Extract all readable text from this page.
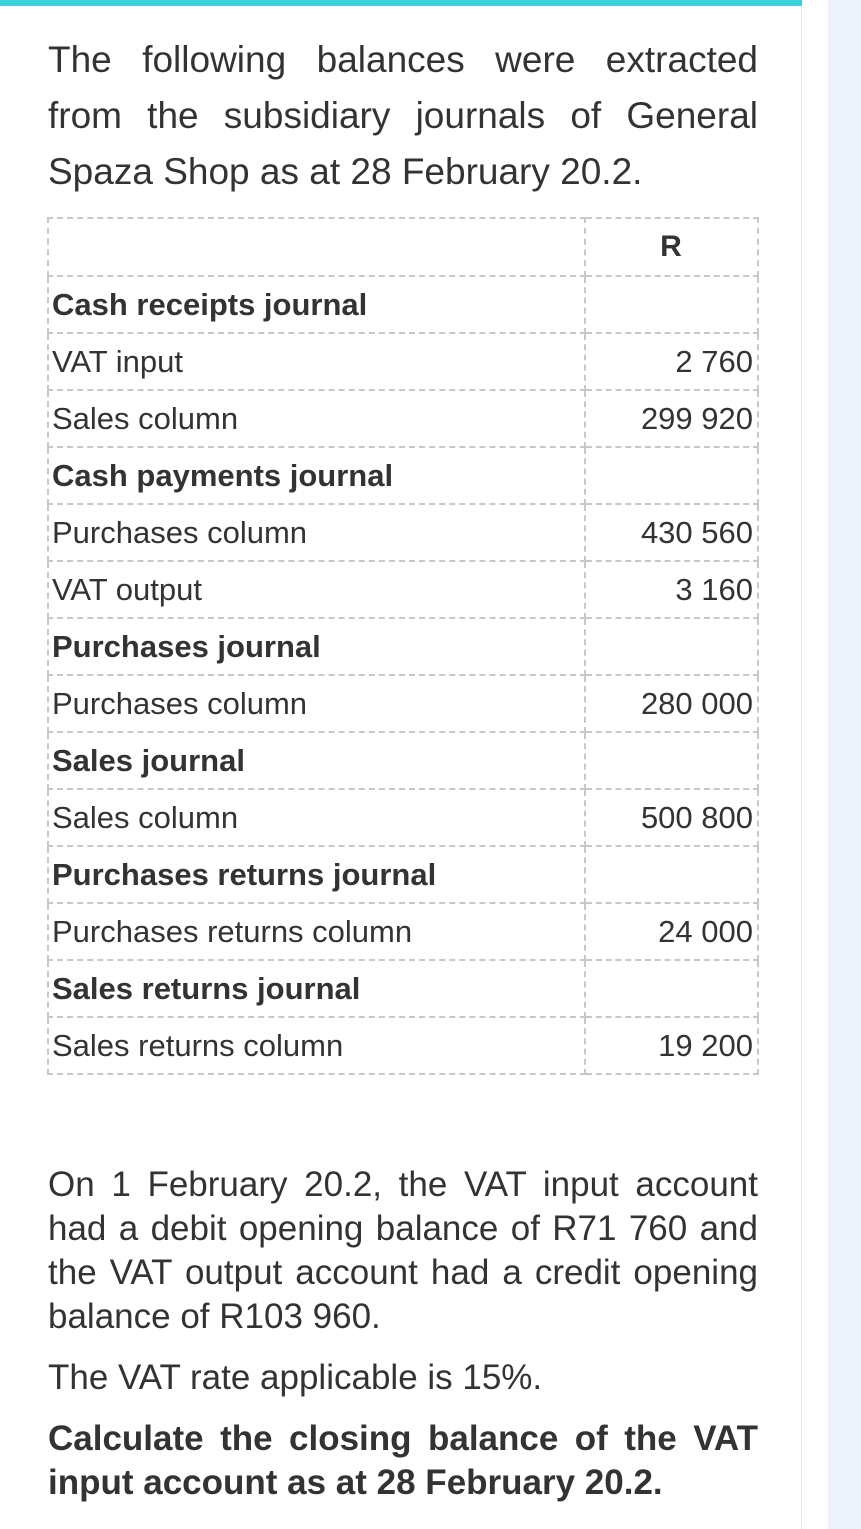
The following balances were extracted from the subsidiary journals of General Spaza Shop as at 28 February 20.2.

	R
Cash receipts journal	
VAT input	2 760
Sales column	299 920
Cash payments journal	
Purchases column	430 560
VAT output	3 160
Purchases journal	
Purchases column	280 000
Sales journal	
Sales column	500 800
Purchases returns journal	
Purchases returns column	24 000
Sales returns journal	
Sales returns column	19 200

On 1 February 20.2, the VAT input account had a debit opening balance of R71 760 and the VAT output account had a credit opening balance of R103 960.

The VAT rate applicable is 15%.

Calculate the closing balance of the VAT input account as at 28 February 20.2.
